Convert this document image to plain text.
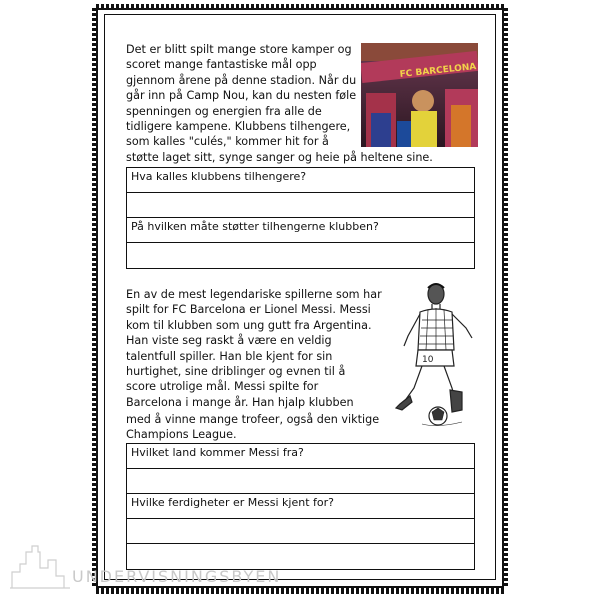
Det er blitt spilt mange store kamper og

scoret mange fantastiske mål opp

gjennom årene på denne stadion. Når du

går inn på Camp Nou, kan du nesten føle

spenningen og energien fra alle de

tidligere kampene. Klubbens tilhengere,

som kalles "culés," kommer hit for å

støtte laget sitt, synge sanger og heie på heltene sine.

FC BARCELONA
Hva kalles klubbens tilhengere?
På hvilken måte støtter tilhengerne klubben?

En av de mest legendariske spillerne som har

spilt for FC Barcelona er Lionel Messi. Messi

kom til klubben som ung gutt fra Argentina.

Han viste seg raskt å være en veldig

talentfull spiller. Han ble kjent for sin

hurtighet, sine driblinger og evnen til å

score utrolige mål. Messi spilte for

Barcelona i mange år. Han hjalp klubben

med å vinne mange trofeer, også den viktige

Champions League.

10
Hvilket land kommer Messi fra?
Hvilke ferdigheter er Messi kjent for?
UNDERVISNINGSBYEN
